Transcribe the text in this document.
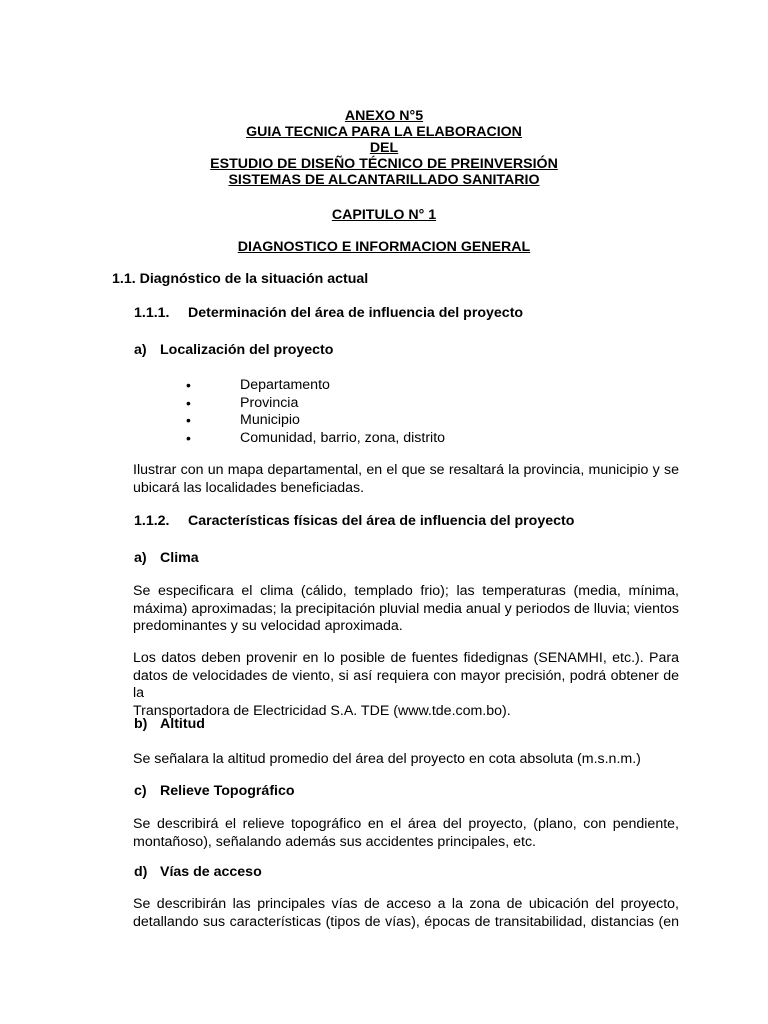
ANEXO N°5
GUIA TECNICA PARA LA ELABORACION
DEL
ESTUDIO DE DISEÑO TÉCNICO DE PREINVERSIÓN
SISTEMAS DE ALCANTARILLADO SANITARIO
CAPITULO N° 1
DIAGNOSTICO E INFORMACION GENERAL
1.1. Diagnóstico de la situación actual
1.1.1. Determinación del área de influencia del proyecto
a) Localización del proyecto
• Departamento
• Provincia
• Municipio
• Comunidad, barrio, zona, distrito
Ilustrar con un mapa departamental, en el que se resaltará la provincia, municipio y se
ubicará las localidades beneficiadas.
1.1.2. Características físicas del área de influencia del proyecto
a) Clima
Se especificara el clima (cálido, templado frio); las temperaturas (media, mínima,
máxima) aproximadas; la precipitación pluvial media anual y periodos de lluvia; vientos
predominantes y su velocidad aproximada.
Los datos deben provenir en lo posible de fuentes fidedignas (SENAMHI, etc.). Para
datos de velocidades de viento, si así requiera con mayor precisión, podrá obtener de la
Transportadora de Electricidad S.A. TDE (www.tde.com.bo).
b) Altitud
Se señalara la altitud promedio del área del proyecto en cota absoluta (m.s.n.m.)
c) Relieve Topográfico
Se describirá el relieve topográfico en el área del proyecto, (plano, con pendiente,
montañoso), señalando además sus accidentes principales, etc.
d) Vías de acceso
Se describirán las principales vías de acceso a la zona de ubicación del proyecto,
detallando sus características (tipos de vías), épocas de transitabilidad, distancias (en
